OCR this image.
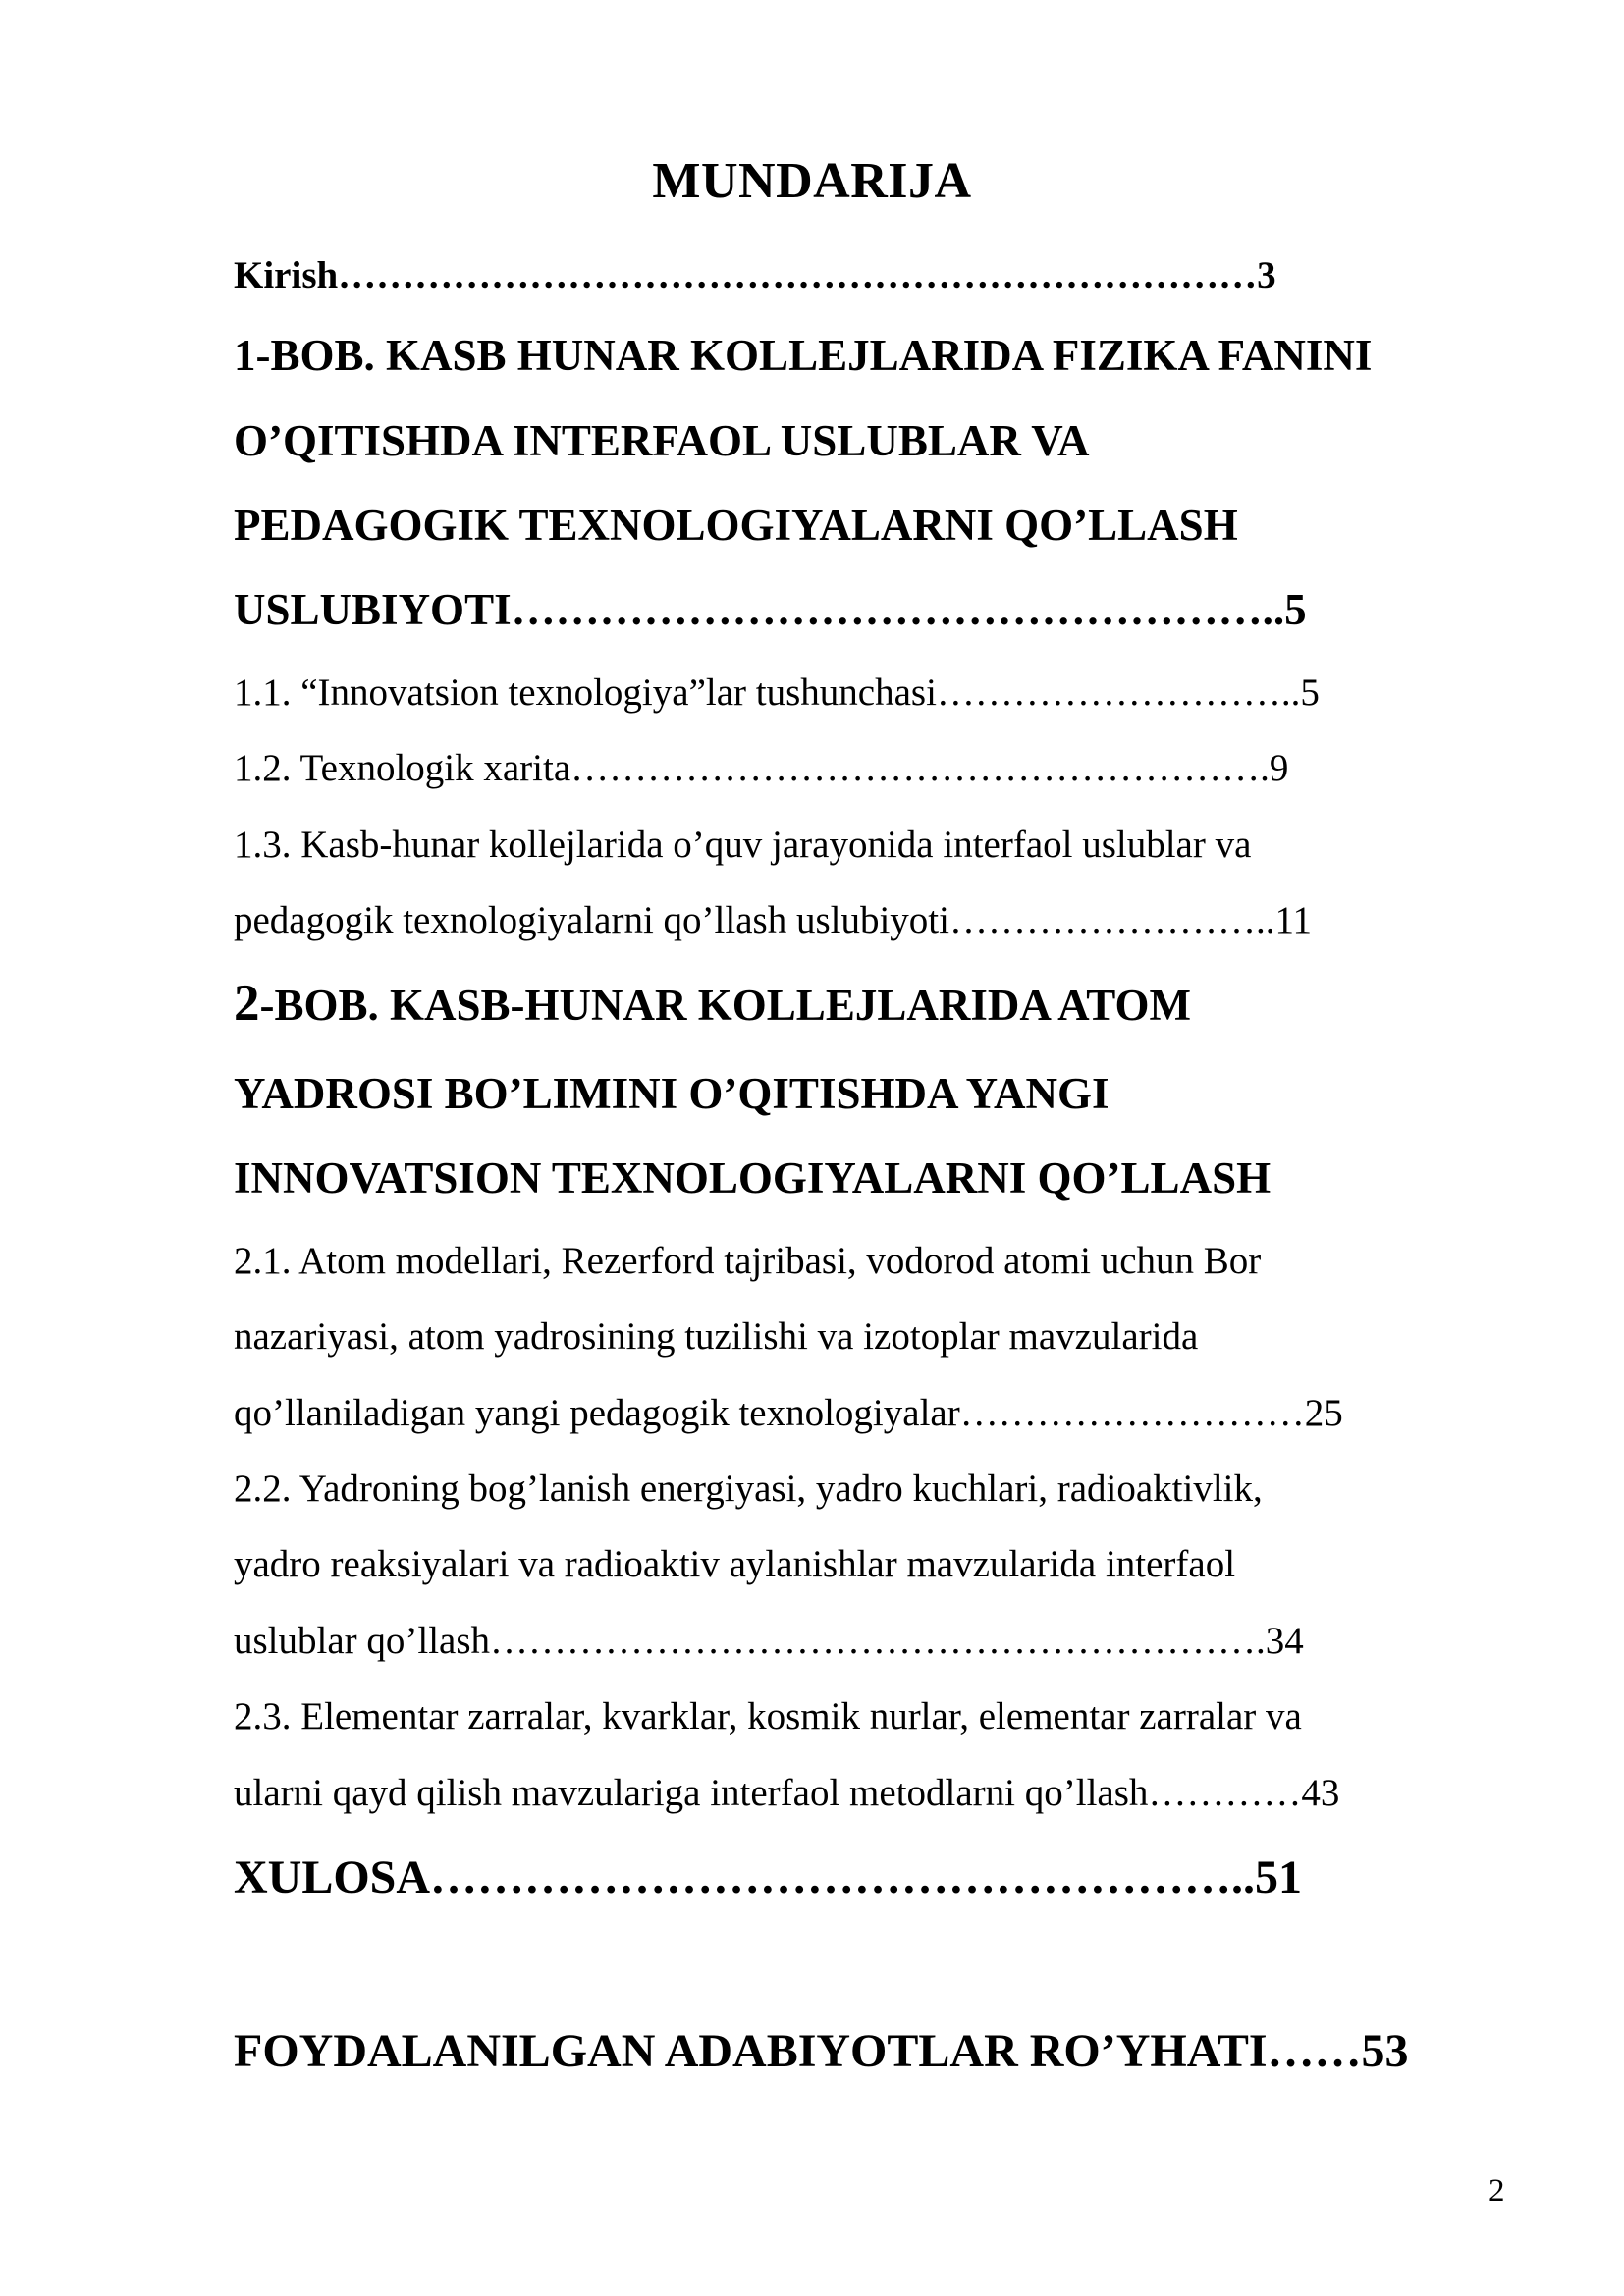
MUNDARIJA
Kirish………………………………………………………………3
1-BOB. KASB HUNAR KOLLEJLARIDA FIZIKA FANINI
O’QITISHDA INTERFAOL USLUBLAR VA
PEDAGOGIK TEXNOLOGIYALARNI QO’LLASH
USLUBIYOTI……………………………………………..5
1.1. “Innovatsion texnologiya”lar tushunchasi………………………..5
1.2. Texnologik xarita……………………………………………….9
1.3. Kasb-hunar kollejlarida o’quv jarayonida interfaol uslublar va
pedagogik texnologiyalarni qo’llash uslubiyoti……………………..11
2-BOB. KASB-HUNAR KOLLEJLARIDA ATOM
YADROSI BO’LIMINI O’QITISHDA YANGI
INNOVATSION TEXNOLOGIYALARNI QO’LLASH
2.1. Atom modellari, Rezerford tajribasi, vodorod atomi uchun Bor
nazariyasi, atom yadrosining tuzilishi va izotoplar mavzularida
qo’llaniladigan yangi pedagogik texnologiyalar………………………25
2.2. Yadroning bog’lanish energiyasi, yadro kuchlari, radioaktivlik,
yadro reaksiyalari va radioaktiv aylanishlar mavzularida interfaol
uslublar qo’llash…………………………………………………….34
2.3. Elementar zarralar, kvarklar, kosmik nurlar, elementar zarralar va
ularni qayd qilish mavzulariga interfaol metodlarni qo’llash…………43
XULOSA……………………………………………..51
FOYDALANILGAN ADABIYOTLAR RO’YHATI……53
2
